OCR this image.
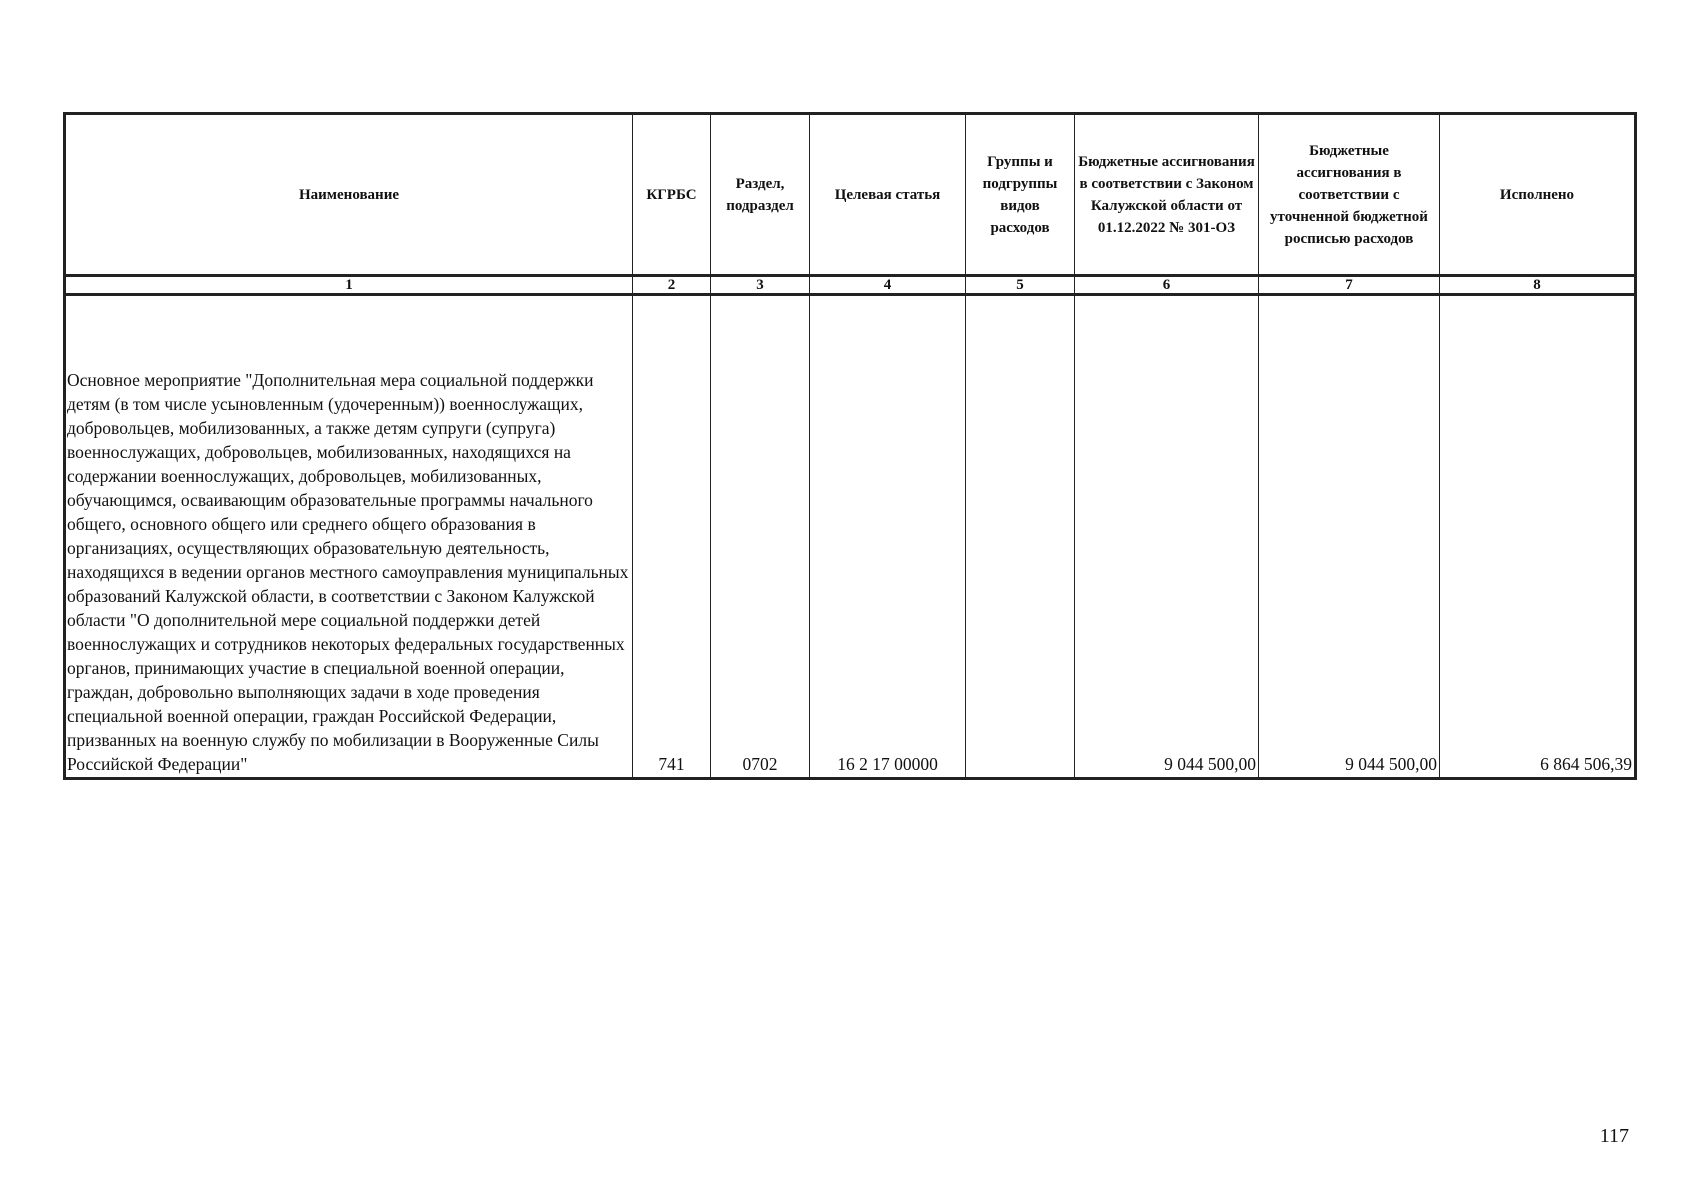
Наименование	КГРБС	Раздел, подраздел	Целевая статья	Группы и подгруппы видов расходов	Бюджетные ассигнования в соответствии с Законом Калужской области от 01.12.2022 № 301-ОЗ	Бюджетные ассигнования в соответствии с уточненной бюджетной росписью расходов	Исполнено
1	2	3	4	5	6	7	8
Основное мероприятие "Дополнительная мера социальной поддержки детям (в том числе усыновленным (удочеренным)) военнослужащих, добровольцев, мобилизованных, а также детям супруги (супруга) военнослужащих, добровольцев, мобилизованных, находящихся на содержании военнослужащих, добровольцев, мобилизованных, обучающимся, осваивающим образовательные программы начального общего, основного общего или среднего общего образования в организациях, осуществляющих образовательную деятельность, находящихся в ведении органов местного самоуправления муниципальных образований Калужской области, в соответствии с Законом Калужской области "О дополнительной мере социальной поддержки детей военнослужащих и сотрудников некоторых федеральных государственных органов, принимающих участие в специальной военной операции, граждан, добровольно выполняющих задачи в ходе проведения специальной военной операции, граждан Российской Федерации, призванных на военную службу по мобилизации в Вооруженные Силы Российской Федерации"	741	0702	16 2 17 00000		9 044 500,00	9 044 500,00	6 864 506,39
117
